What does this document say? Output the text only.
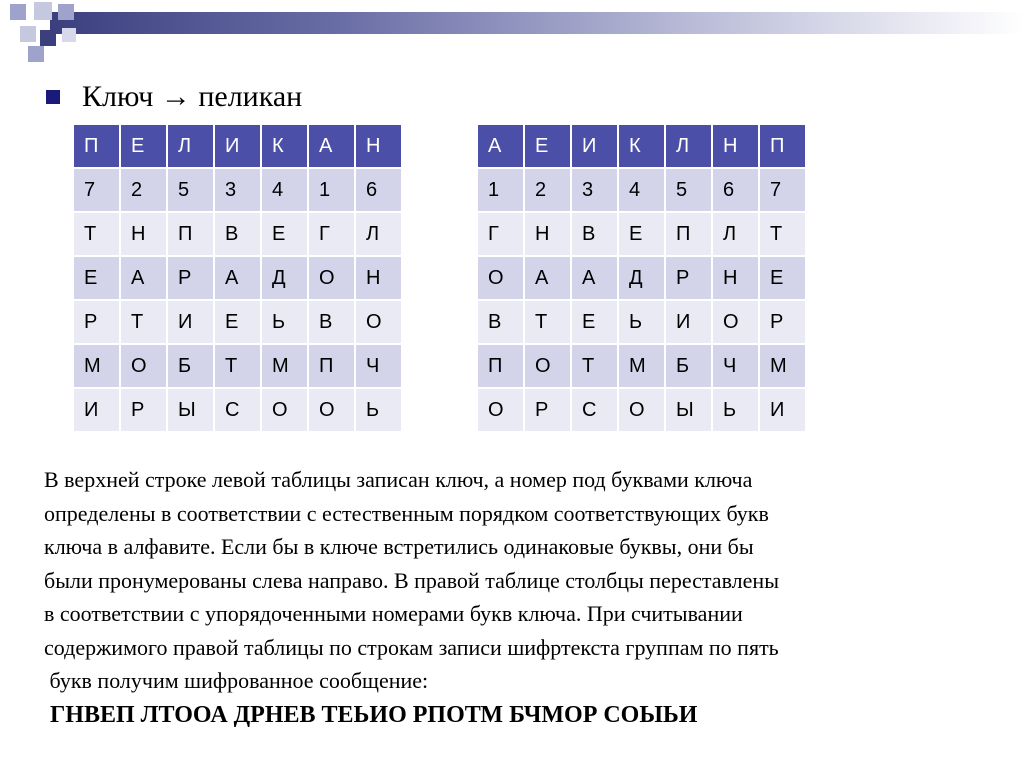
Ключ → пеликан
П	Е	Л	И	К	А	Н
7	2	5	3	4	1	6
Т	Н	П	В	Е	Г	Л
Е	А	Р	А	Д	О	Н
Р	Т	И	Е	Ь	В	О
М	О	Б	Т	М	П	Ч
И	Р	Ы	С	О	О	Ь
А	Е	И	К	Л	Н	П
1	2	3	4	5	6	7
Г	Н	В	Е	П	Л	Т
О	А	А	Д	Р	Н	Е
В	Т	Е	Ь	И	О	Р
П	О	Т	М	Б	Ч	М
О	Р	С	О	Ы	Ь	И
В верхней строке левой таблицы записан ключ, а номер под буквами ключа
определены в соответствии с естественным порядком соответствующих букв
ключа в алфавите. Если бы в ключе встретились одинаковые буквы, они бы
были пронумерованы слева направо. В правой таблице столбцы переставлены
в соответствии с упорядоченными номерами букв ключа. При считывании
содержимого правой таблицы по строкам записи шифртекста группам по пять
букв получим шифрованное сообщение:
ГНВЕП ЛТООА ДРНЕВ ТЕЬИО РПОТМ БЧМОР СОЫЬИ
